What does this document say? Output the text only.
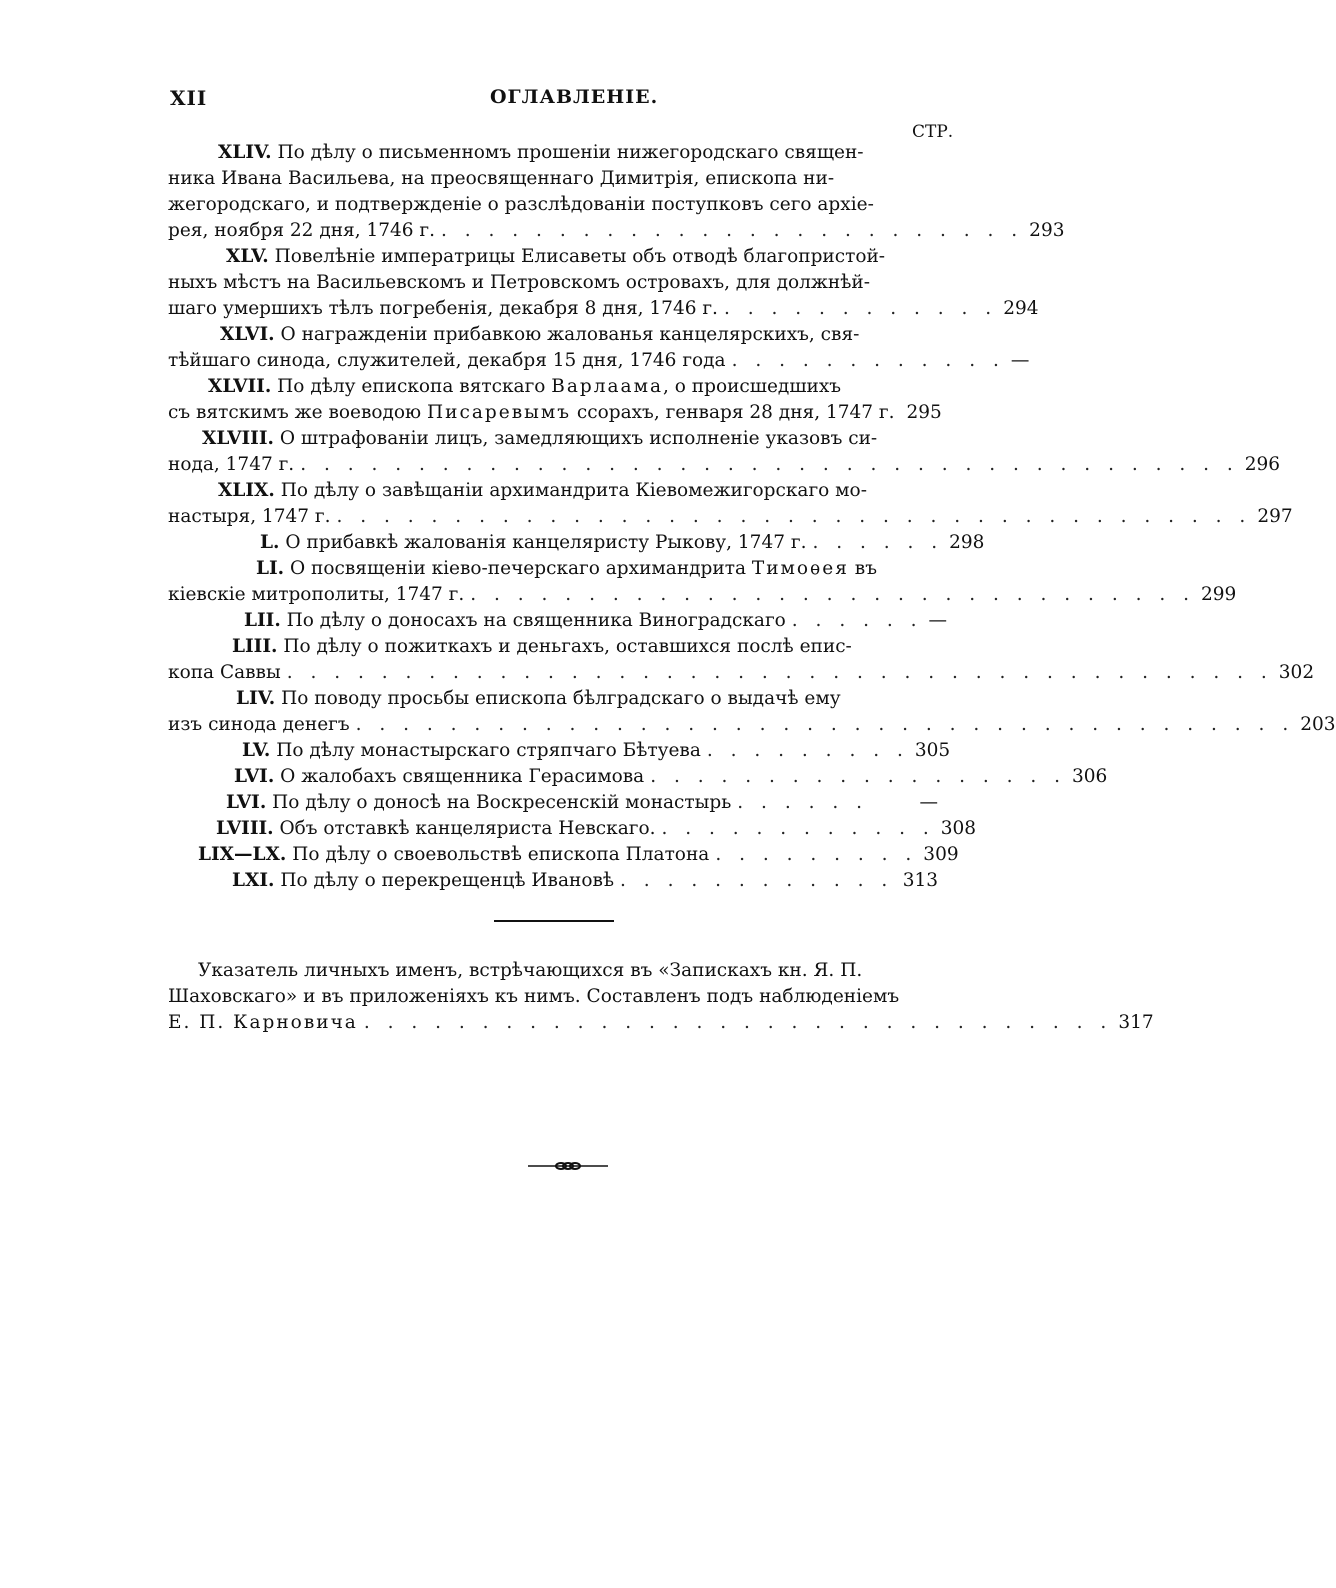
XII	ОГЛАВЛЕНІЕ.
СТР.
XLIV. По дѣлу о письменномъ прошеніи нижегородскаго священ-
ника Ивана Васильева, на преосвященнаго Димитрія, епископа ни-
жегородскаго, и подтвержденіе о разслѣдованіи поступковъ сего архіе-
рея, ноября 22 дня, 1746 г. . . . . . . . . . . . . . . . . . . . . . . . . . 293
XLV. Повелѣніе императрицы Елисаветы объ отводѣ благопристой-
ныхъ мѣстъ на Васильевскомъ и Петровскомъ островахъ, для должнѣй-
шаго умершихъ тѣлъ погребенія, декабря 8 дня, 1746 г. . . . . . . . . . . . . 294
XLVI. О награжденіи прибавкою жалованья канцелярскихъ, свя-
тѣйшаго синода, служителей, декабря 15 дня, 1746 года . . . . . . . . . . . . —
XLVII. По дѣлу епископа вятскаго Варлаама, о происшедшихъ
съ вятскимъ же воеводою Писаревымъ ссорахъ, генваря 28 дня, 1747 г. 295
XLVIII. О штрафованіи лицъ, замедляющихъ исполненіе указовъ си-
нода, 1747 г. . . . . . . . . . . . . . . . . . . . . . . . . . . . . . . . . . . . . . . . . 296
XLIX. По дѣлу о завѣщаніи архимандрита Кіевомежигорскаго мо-
настыря, 1747 г. . . . . . . . . . . . . . . . . . . . . . . . . . . . . . . . . . . . . . . . 297
L. О прибавкѣ жалованія канцеляристу Рыкову, 1747 г. . . . . . . 298
LI. О посвященіи кіево-печерскаго архимандрита Тимоѳея въ
кіевскіе митрополиты, 1747 г. . . . . . . . . . . . . . . . . . . . . . . . . . . . . . . . 299
LII. По дѣлу о доносахъ на священника Виноградскаго . . . . . . —
LIII. По дѣлу о пожиткахъ и деньгахъ, оставшихся послѣ епис-
копа Саввы . . . . . . . . . . . . . . . . . . . . . . . . . . . . . . . . . . . . . . . . . . 302
LIV. По поводу просьбы епископа бѣлградскаго о выдачѣ ему
изъ синода денегъ . . . . . . . . . . . . . . . . . . . . . . . . . . . . . . . . . . . . . . . . 203
LV. По дѣлу монастырскаго стряпчаго Бѣтуева . . . . . . . . . 305
LVI. О жалобахъ священника Герасимова . . . . . . . . . . . . . . . . . . 306
LVI. По дѣлу о доносѣ на Воскресенскій монастырь . . . . . .	—
LVIII. Объ отставкѣ канцеляриста Невскаго. . . . . . . . . . . . . 308
LIX—LX. По дѣлу о своевольствѣ епископа Платона . . . . . . . . . 309
LXI. По дѣлу о перекрещенцѣ Ивановѣ . . . . . . . . . . . . 313

Указатель личныхъ именъ, встрѣчающихся въ «Запискахъ кн. Я. П.

Шаховскаго» и въ приложеніяхъ къ нимъ. Составленъ подъ наблюденіемъ

Е. П. Карновича . . . . . . . . . . . . . . . . . . . . . . . . . . . . . . . . 317
